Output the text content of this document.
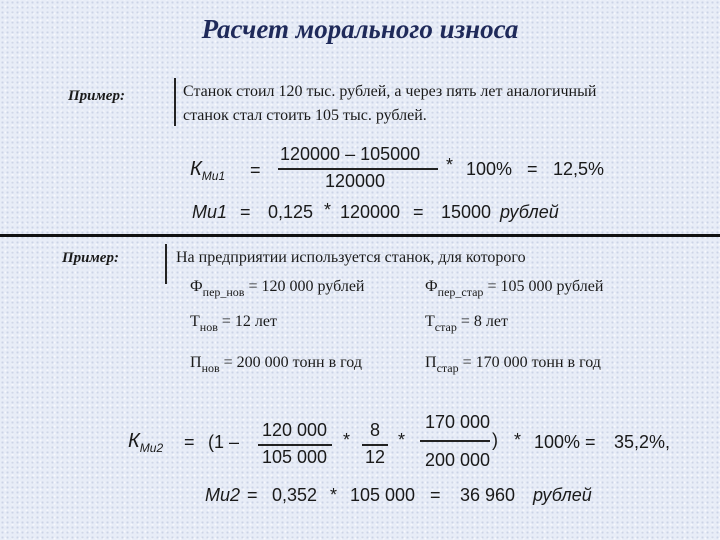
Расчет морального износа
Пример:	Станок стоил 120 тыс. рублей, а через пять лет аналогичный
станок стал стоить 105 тыс. рублей.
$К_{Mu1}$ =
120000 – 105000
120000
* 100% = 12,5%
Mu1 = 0,125 * 120000 = 15000 рублей
Пример:	На предприятии используется станок, для которого
$Ф_{пер\_нов} = 120$ 000 рублей	$Ф_{пер\_стар} = 105$ 000 рублей
$Т_{нов} = 12$ лет	$Т_{стар} = 8$ лет
$П_{нов} = 200$ 000 тонн в год	$П_{стар} = 170$ 000 тонн в год
$К_{Mu2} = (1$ –
120 000
105 000
* 8
12
*
170 000
200 000
) * 100% = 35,2%,
Mu2 = 0,352 * 105 000 = 36 960 рублей
